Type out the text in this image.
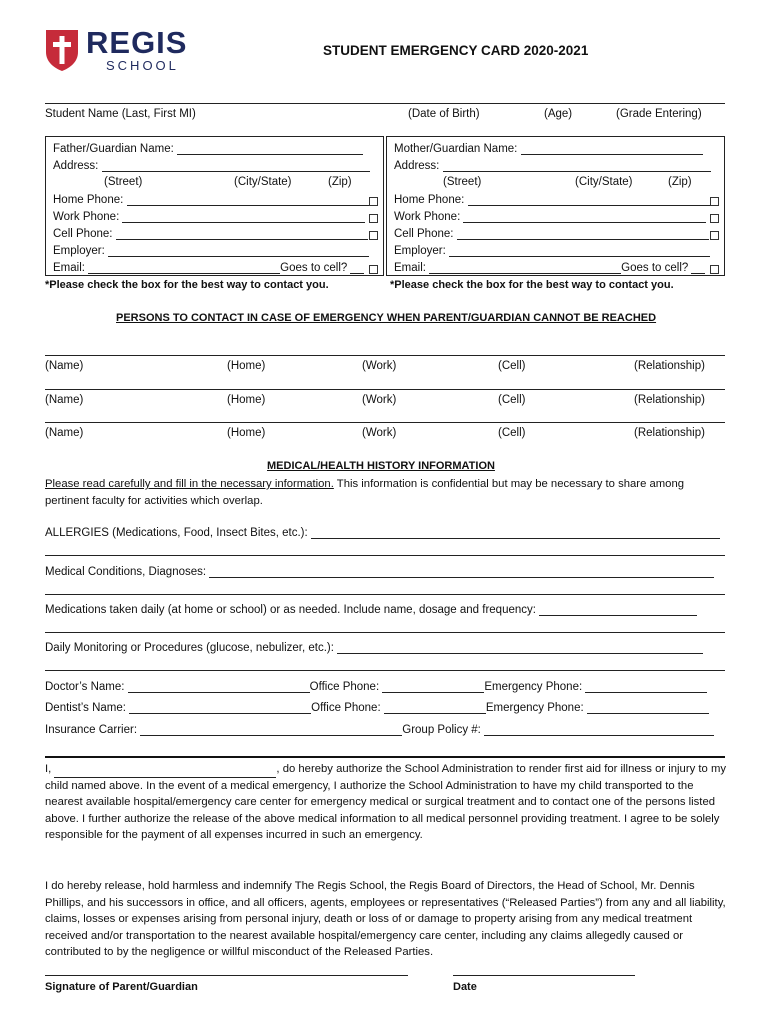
REGIS
SCHOOL
STUDENT EMERGENCY CARD 2020-2021
Student Name (Last, First MI)	(Date of Birth)	(Age)	(Grade Entering)
Father/Guardian Name:
Address:
(Street)	(City/State)	(Zip)
Home Phone:
Work Phone:
Cell Phone:
Employer:
Email:	Goes to cell?
*Please check the box for the best way to contact you.
Mother/Guardian Name:
Address:
(Street)	(City/State)	(Zip)
Home Phone:
Work Phone:
Cell Phone:
Employer:
Email:	Goes to cell?
*Please check the box for the best way to contact you.
PERSONS TO CONTACT IN CASE OF EMERGENCY WHEN PARENT/GUARDIAN CANNOT BE REACHED
(Name)	(Home)	(Work)	(Cell)	(Relationship)
(Name)	(Home)	(Work)	(Cell)	(Relationship)
(Name)	(Home)	(Work)	(Cell)	(Relationship)
MEDICAL/HEALTH HISTORY INFORMATION
Please read carefully and fill in the necessary information. This information is confidential but may be necessary to share among pertinent faculty for activities which overlap.
ALLERGIES (Medications, Food, Insect Bites, etc.):
Medical Conditions, Diagnoses:
Medications taken daily (at home or school) or as needed. Include name, dosage and frequency:
Daily Monitoring or Procedures (glucose, nebulizer, etc.):
Doctor’s Name:	Office Phone:	Emergency Phone:
Dentist’s Name:	Office Phone:	Emergency Phone:
Insurance Carrier:	Group Policy #:
I,	, do hereby authorize the School Administration to render first aid for illness or injury to my child named above. In the event of a medical emergency, I authorize the School Administration to have my child transported to the nearest available hospital/emergency care center for emergency medical or surgical treatment and to contact one of the persons listed above. I further authorize the release of the above medical information to all medical personnel providing treatment. I agree to be solely responsible for the payment of all expenses incurred in such an emergency.
I do hereby release, hold harmless and indemnify The Regis School, the Regis Board of Directors, the Head of School, Mr. Dennis Phillips, and his successors in office, and all officers, agents, employees or representatives (“Released Parties”) from any and all liability, claims, losses or expenses arising from personal injury, death or loss of or damage to property arising from any medical treatment received and/or transportation to the nearest available hospital/emergency care center, including any claims allegedly caused or contributed to by the negligence or willful misconduct of the Released Parties.
Signature of Parent/Guardian	Date
